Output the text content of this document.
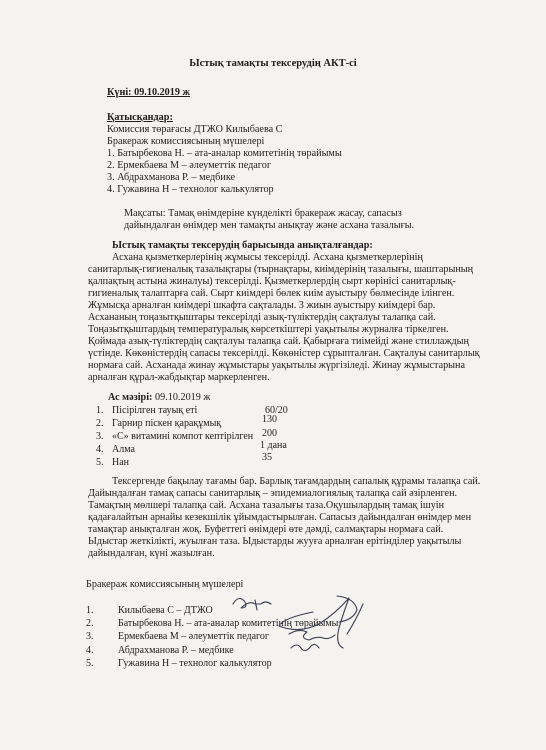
Ыстық тамақты тексерудің АКТ-сі
Күні: 09.10.2019 ж
Қатысқандар:
Комиссия төрағасы ДТЖО Килыбаева С
Бракераж комиссиясының мүшелері
1. Батырбекова Н. – ата-аналар комитетінің төрайымы
2. Ермекбаева М – әлеуметтік педагог
3. Абдрахманова Р. – медбике
4. Гужавина Н – технолог калькулятор
Мақсаты: Тамақ өнімдеріне күнделікті бракераж жасау, сапасыз
дайындалған өнімдер мен тамақты анықтау және асхана тазалығы.
Ыстық тамақты тексерудің барысында анықталғандар:
Асхана қызметкерлерінің жұмысы тексерілді. Асхана қызметкерлерінің
санитарлық-гигиеналық тазалықтары (тырнақтары, киімдерінің тазалығы, шаштарының
қалпақтың астына жиналуы) тексерілді. Қызметкерлердің сырт көрінісі санитарлық-
гигиеналық талаптарға сай. Сырт киімдері бөлек киім ауыстыру бөлмесінде ілінген.
Жұмысқа арналған киімдері шкафта сақталады. 3 жиын ауыстыру киімдері бар.
Асхананың тоңазытқыштары тексерілді азық-түліктердің сақталуы талапқа сай.
Тоңазытқыштардың температуралық көрсеткіштері уақытылы журналға тіркелген.
Қоймада азық-түліктердің сақталуы талапқа сай. Қабырғаға тиімейді және стиллаждың
үстінде. Көкөністердің сапасы тексерілді. Көкөністер сұрыпталған. Сақталуы санитарлық
нормаға сай. Асханада жинау жұмыстары уақытылы жүргізіледі. Жинау жұмыстарына
арналған құрал-жабдықтар маркерленген.
Ас мәзірі: 09.10.2019 ж
1. Пісірілген тауық еті	60/20
2. Гарнир піскен қарақұмық	130
3. «С» витамині компот кептірілген 200
4. Алма	1 дана
5. Нан	35
Тексергенде бақылау тағамы бар. Барлық тағамдардың сапалық құрамы талапқа сай.
Дайындалған тамақ сапасы санитарлық – эпидемиалогиялық талапқа сай әзірленген.
Тамақтың мөлшері талапқа сай. Асхана тазалығы таза.Оқушылардың тамақ ішуін
қадағалайтын арнайы кезекшілік ұйымдастырылған. Сапасыз дайындалған өнімдер мен
тамақтар анықталған жоқ. Буфеттегі өнімдері өте дәмді, салмақтары нормаға сай.
Ыдыстар жеткілікті, жуылған таза. Ыдыстарды жууға арналған ерітінділер уақытылы
дайындалған, күні жазылған.
Бракераж комиссиясының мүшелері
1. Килыбаева С – ДТЖО
2. Батырбекова Н. – ата-аналар комитетінің төрайымы
3. Ермекбаева М – әлеуметтік педагог
4. Абдрахманова Р. – медбике
5. Гужавина Н – технолог калькулятор
